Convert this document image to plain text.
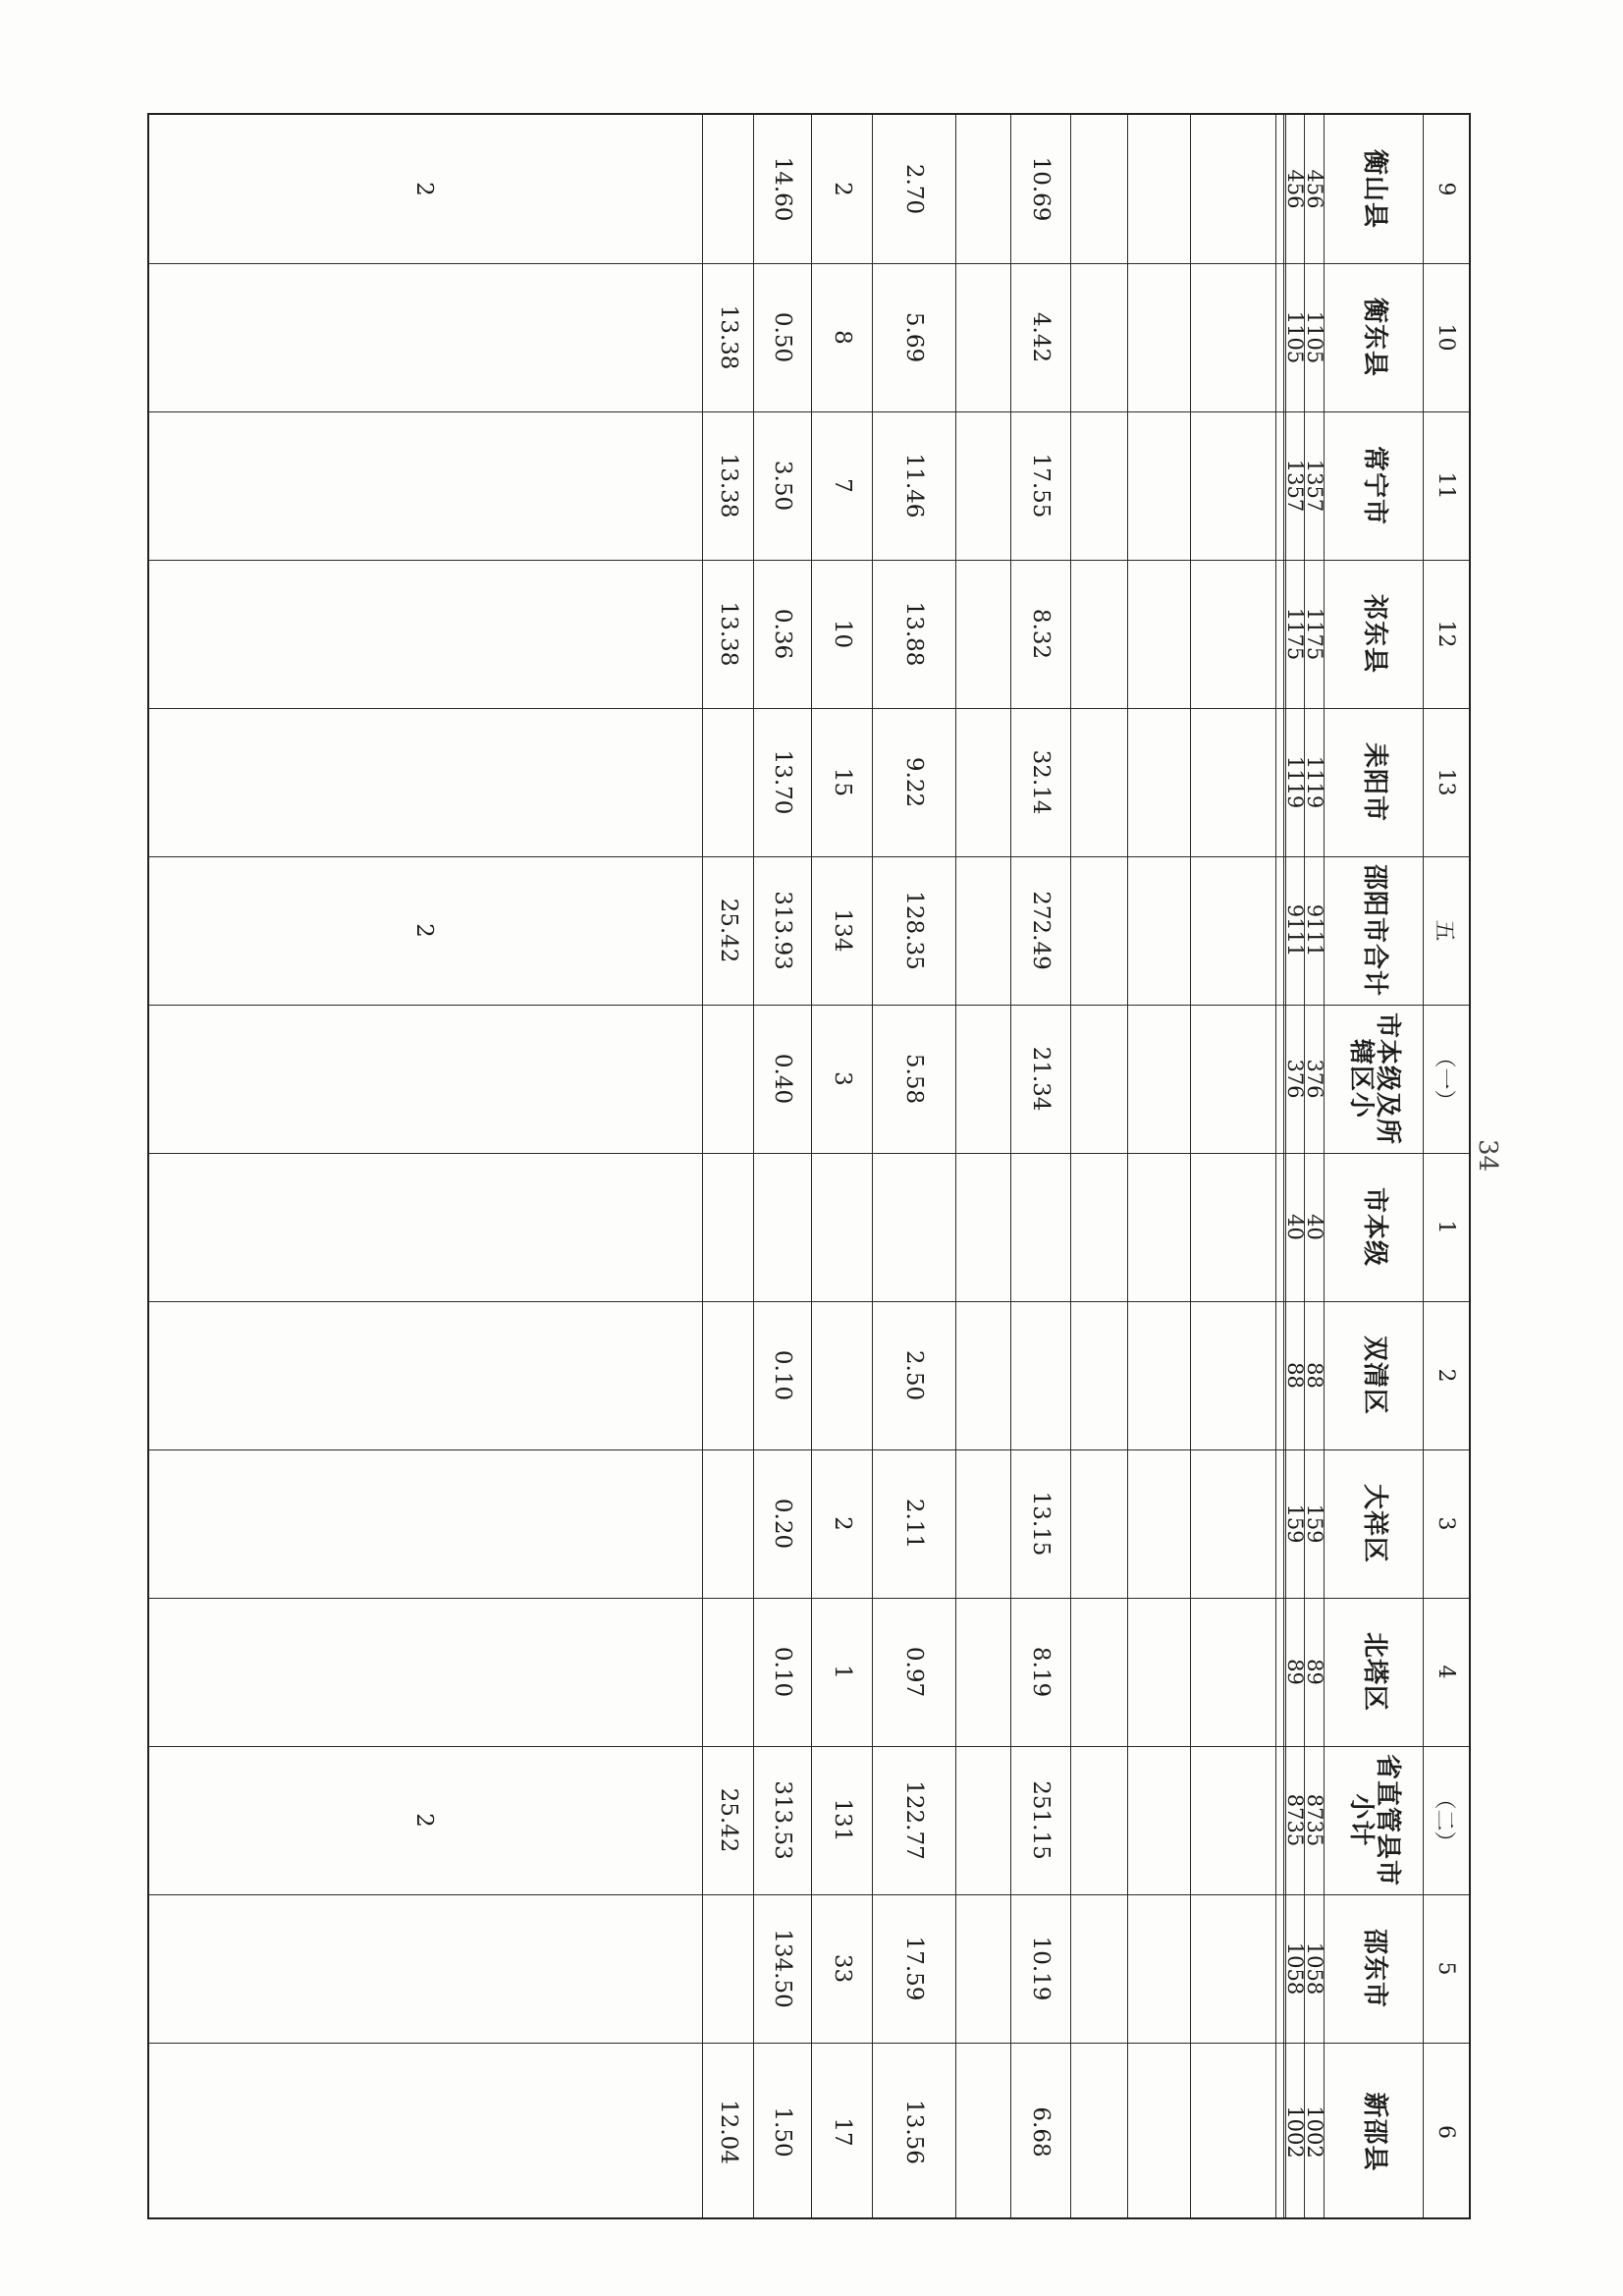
9
衡山县
456
456
10
衡东县
1105
1105
11
常宁市
1357
1357
12
祁东县
1175
1175
13
耒阳市
1119
1119
五
邵阳市合计
9111
9111
（一）
市本级及所辖区小
376
376
1
市本级
40
40
2
双清区
88
88
3
大祥区
159
159
4
北塔区
89
89
（二）
省直管县市小计
8735
8735
5
邵东市
1058
1058
6
新邵县
1002
1002
10.69
4.42
17.55
8.32
32.14
272.49
21.34
13.15
8.19
251.15
10.19
6.68
2.70
5.69
11.46
13.88
9.22
128.35
5.58
2.50
2.11
0.97
122.77
17.59
13.56
2
8
7
10
15
134
3
2
1
131
33
17
14.60
0.50
3.50
0.36
13.70
313.93
0.40
0.10
0.20
0.10
313.53
134.50
1.50
13.38
13.38
13.38
25.42
25.42
12.04
2
2
2
34
